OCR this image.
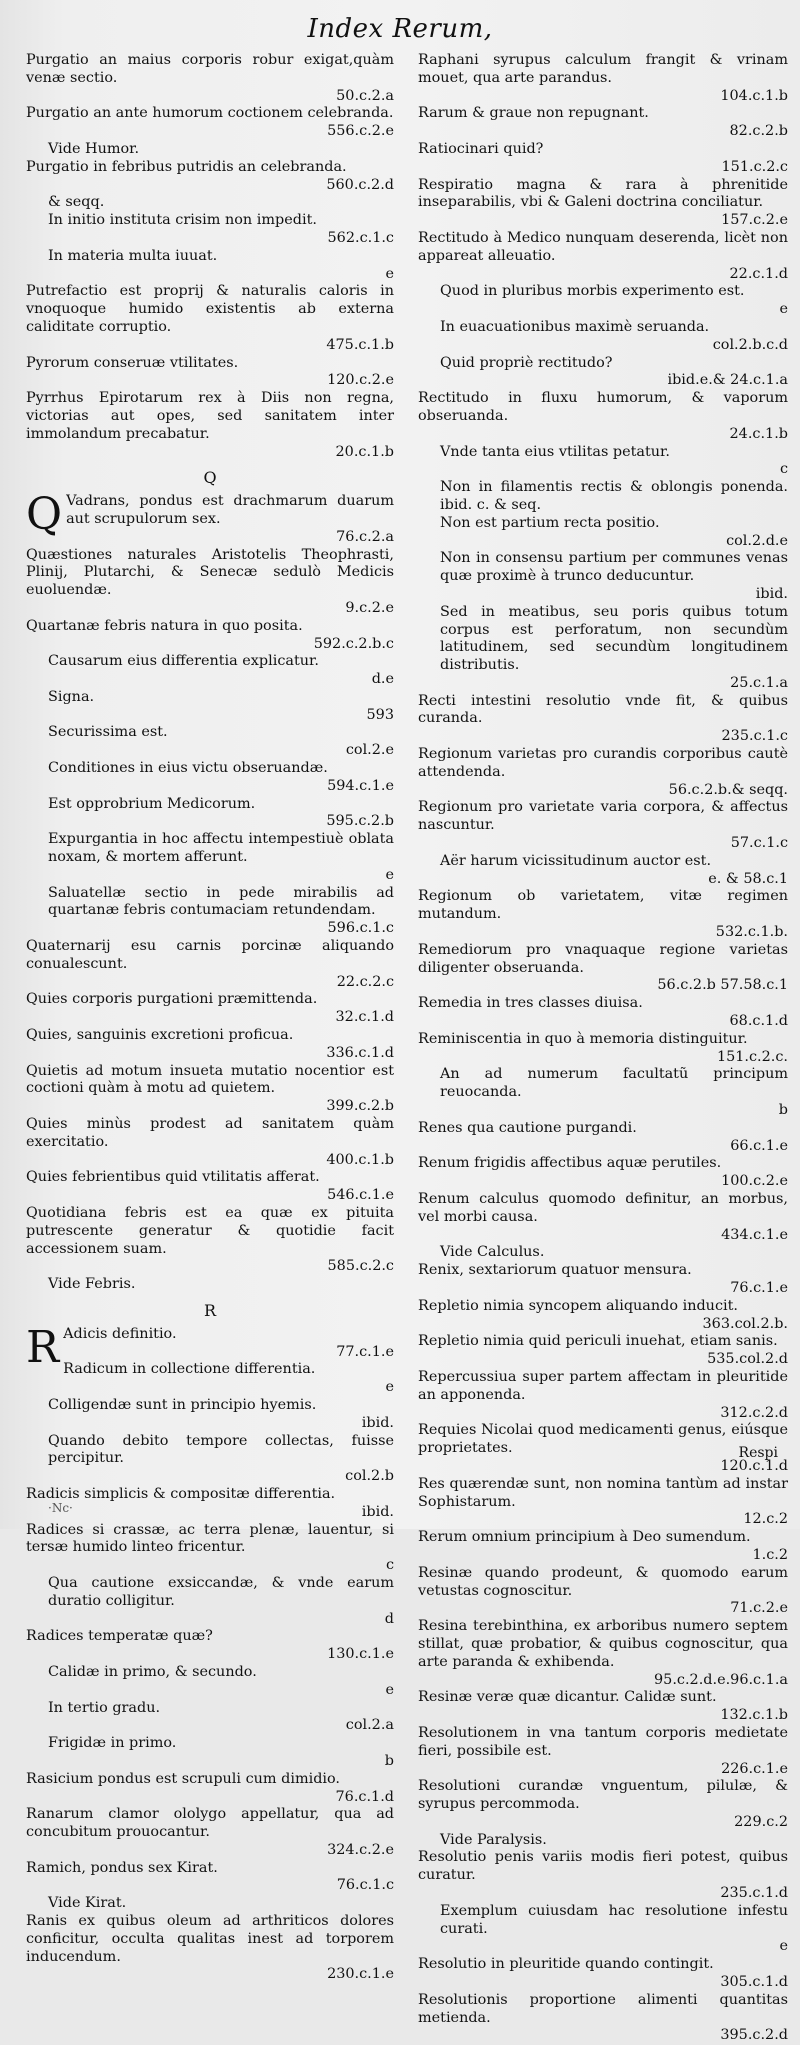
Index Rerum,

Purgatio an maius corporis robur exigat,quàm venæ sectio.
50.c.2.a

Purgatio an ante humorum coctionem celebranda.
556.c.2.e

Vide Humor.

Purgatio in febribus putridis an celebranda.
560.c.2.d

& seqq.

In initio instituta crisim non impedit.
562.c.1.c

In materia multa iuuat.
e

Putrefactio est proprij & naturalis caloris in vnoquoque humido existentis ab externa caliditate corruptio.
475.c.1.b

Pyrorum conseruæ vtilitates.
120.c.2.e

Pyrrhus Epirotarum rex à Diis non regna, victorias aut opes, sed sanitatem inter immolandum precabatur.
20.c.1.b

Q

Q Vadrans, pondus est drachmarum duarum aut scrupulorum sex.
76.c.2.a

Quæstiones naturales Aristotelis Theophrasti, Plinij, Plutarchi, & Senecæ sedulò Medicis euoluendæ.
9.c.2.e

Quartanæ febris natura in quo posita.
592.c.2.b.c

Causarum eius differentia explicatur.
d.e

Signa.
593

Securissima est.
col.2.e

Conditiones in eius victu obseruandæ.
594.c.1.e

Est opprobrium Medicorum.
595.c.2.b

Expurgantia in hoc affectu intempestiuè oblata noxam, & mortem afferunt.
e

Saluatellæ sectio in pede mirabilis ad quartanæ febris contumaciam retundendam.
596.c.1.c

Quaternarij esu carnis porcinæ aliquando conualescunt.
22.c.2.c

Quies corporis purgationi præmittenda.
32.c.1.d

Quies, sanguinis excretioni proficua.
336.c.1.d

Quietis ad motum insueta mutatio nocentior est coctioni quàm à motu ad quietem.
399.c.2.b

Quies minùs prodest ad sanitatem quàm exercitatio.
400.c.1.b

Quies febrientibus quid vtilitatis afferat.
546.c.1.e

Quotidiana febris est ea quæ ex pituita putrescente generatur & quotidie facit accessionem suam.
585.c.2.c

Vide Febris.

R

R Adicis definitio.
77.c.1.e

Radicum in collectione differentia.
e

Colligendæ sunt in principio hyemis.
ibid.

Quando debito tempore collectas, fuisse percipitur.
col.2.b

Radicis simplicis & compositæ differentia.
ibid.

Radices si crassæ, ac terra plenæ, lauentur, si tersæ humido linteo fricentur.
c

Qua cautione exsiccandæ, & vnde earum duratio colligitur.
d

Radices temperatæ quæ?
130.c.1.e

Calidæ in primo, & secundo.
e

In tertio gradu.
col.2.a

Frigidæ in primo.
b

Rasicium pondus est scrupuli cum dimidio.
76.c.1.d

Ranarum clamor ololygo appellatur, qua ad concubitum prouocantur.
324.c.2.e

Ramich, pondus sex Kirat.
76.c.1.c

Vide Kirat.

Ranis ex quibus oleum ad arthriticos dolores conficitur, occulta qualitas inest ad torporem inducendum.
230.c.1.e

Raphani syrupus calculum frangit & vrinam mouet, qua arte parandus.
104.c.1.b

Rarum & graue non repugnant.
82.c.2.b

Ratiocinari quid?
151.c.2.c

Respiratio magna & rara à phrenitide inseparabilis, vbi & Galeni doctrina conciliatur.
157.c.2.e

Rectitudo à Medico nunquam deserenda, licèt non appareat alleuatio.
22.c.1.d

Quod in pluribus morbis experimento est.
e

In euacuationibus maximè seruanda.
col.2.b.c.d

Quid propriè rectitudo?
ibid.e.& 24.c.1.a

Rectitudo in fluxu humorum, & vaporum obseruanda.
24.c.1.b

Vnde tanta eius vtilitas petatur.
c

Non in filamentis rectis & oblongis ponenda. ibid. c. & seq.

Non est partium recta positio.
col.2.d.e

Non in consensu partium per communes venas quæ proximè à trunco deducuntur.
ibid.

Sed in meatibus, seu poris quibus totum corpus est perforatum, non secundùm latitudinem, sed secundùm longitudinem distributis.
25.c.1.a

Recti intestini resolutio vnde fit, & quibus curanda.
235.c.1.c

Regionum varietas pro curandis corporibus cautè attendenda.
56.c.2.b.& seqq.

Regionum pro varietate varia corpora, & affectus nascuntur.
57.c.1.c

Aër harum vicissitudinum auctor est.
e. & 58.c.1

Regionum ob varietatem, vitæ regimen mutandum.
532.c.1.b.

Remediorum pro vnaquaque regione varietas diligenter obseruanda.
56.c.2.b 57.58.c.1

Remedia in tres classes diuisa.
68.c.1.d

Reminiscentia in quo à memoria distinguitur.
151.c.2.c.

An ad numerum facultatũ principum reuocanda.
b

Renes qua cautione purgandi.
66.c.1.e

Renum frigidis affectibus aquæ perutiles.
100.c.2.e

Renum calculus quomodo definitur, an morbus, vel morbi causa.
434.c.1.e

Vide Calculus.

Renix, sextariorum quatuor mensura.
76.c.1.e

Repletio nimia syncopem aliquando inducit.
363.col.2.b.

Repletio nimia quid periculi inuehat, etiam sanis.
535.col.2.d

Repercussiua super partem affectam in pleuritide an apponenda.
312.c.2.d

Requies Nicolai quod medicamenti genus, eiúsque proprietates.
120.c.1.d

Res quærendæ sunt, non nomina tantùm ad instar Sophistarum.
12.c.2

Rerum omnium principium à Deo sumendum.
1.c.2

Resinæ quando prodeunt, & quomodo earum vetustas cognoscitur.
71.c.2.e

Resina terebinthina, ex arboribus numero septem stillat, quæ probatior, & quibus cognoscitur, qua arte paranda & exhibenda.
95.c.2.d.e.96.c.1.a

Resinæ veræ quæ dicantur. Calidæ sunt.
132.c.1.b

Resolutionem in vna tantum corporis medietate fieri, possibile est.
226.c.1.e

Resolutioni curandæ vnguentum, pilulæ, & syrupus percommoda.
229.c.2

Vide Paralysis.

Resolutio penis variis modis fieri potest, quibus curatur.
235.c.1.d

Exemplum cuiusdam hac resolutione infestu curati.
e

Resolutio in pleuritide quando contingit.
305.c.1.d

Resolutionis proportione alimenti quantitas metienda.
395.c.2.d

Respi
·Nc·
